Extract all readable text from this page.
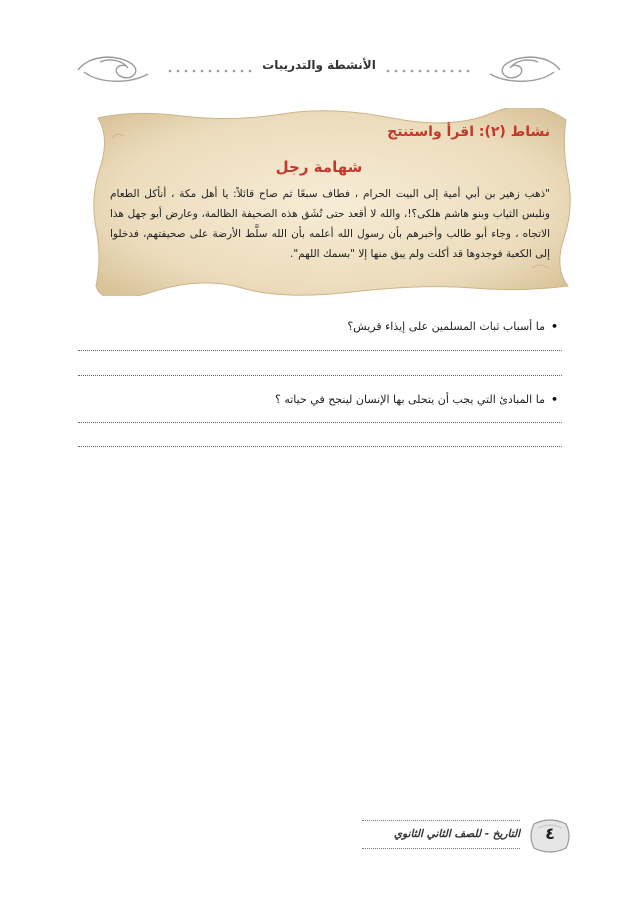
الأنشطة والتدريبات
نشاط (٢): اقرأ واستنتج
شهامة رجل
"ذهب زهير بن أبي أمية إلى البيت الحرام ، فطاف سبعًا ثم صاح قائلاً: يا أهل مكة ، أنأكل الطعام ونلبس الثياب وبنو هاشم هلكى؟!، والله لا أقعد حتى تُشَق هذه الصحيفة الظالمة، وعارض أبو جهل هذا الاتجاه ، وجاء أبو طالب وأخبرهم بأن رسول الله أعلمه بأن الله سلَّط الأرضة على صحيفتهم، فدخلوا إلى الكعبة فوجدوها قد أكلت ولم يبق منها إلا "بسمك اللهم".
•ما أسباب ثبات المسلمين على إيذاء قريش؟
•ما المبادئ التي يجب أن يتحلى بها الإنسان لينجح في حياته ؟
التاريخ - للصف الثاني الثانوي	٤
